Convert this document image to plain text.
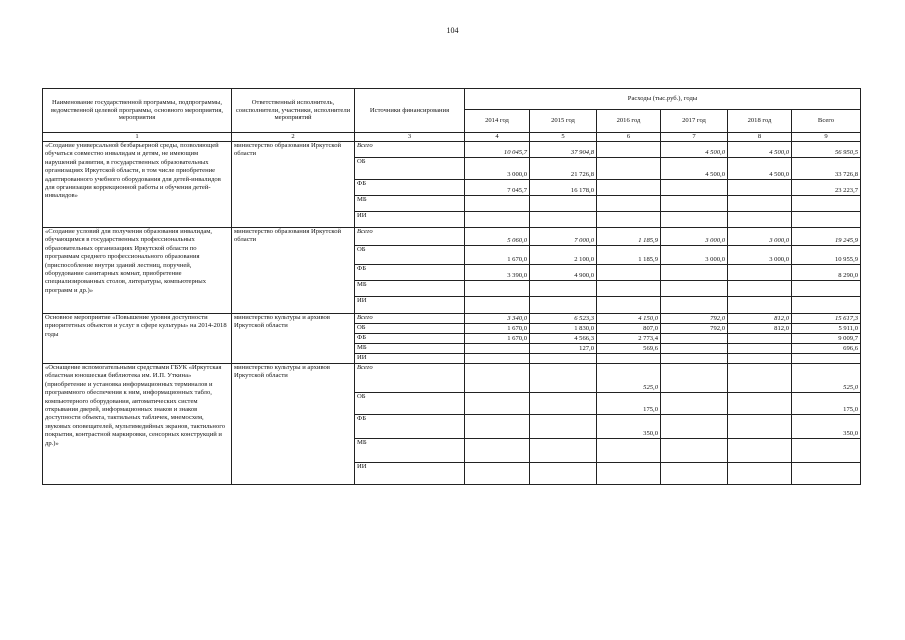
104
Наименование государственной программы, подпрограммы, ведомственной целевой программы, основного мероприятия, мероприятия	Ответственный исполнитель, соисполнители, участники, исполнители мероприятий	Источники финансирования	Расходы (тыс.руб.), годы					
			2014 год	2015 год	2016 год	2017 год	2018 год	Всего
1	2	3	4	5	6	7	8	9
«Создание универсальной безбарьерной среды, позволяющей обучаться совместно инвалидам и детям, не имеющим нарушений развития, в государственных образовательных организациях Иркутской области, в том числе приобретение адаптированного учебного оборудования для детей-инвалидов для организации коррекционной работы и обучения детей-инвалидов»	министерство образования Иркутской области	Всего	10 045,7	37 904,8		4 500,0	4 500,0	56 950,5
		ОБ	3 000,0	21 726,8		4 500,0	4 500,0	33 726,8
		ФБ	7 045,7	16 178,0				23 223,7
		МБ						
		ИИ						
«Создание условий для получения образования инвалидам, обучающимся в государственных профессиональных образовательных организациях Иркутской области по программам среднего профессионального образования (приспособление внутри зданий лестниц, поручней, оборудование санитарных комнат, приобретение специализированных столов, литературы, компьютерных программ и др.)»	министерство образования Иркутской области	Всего	5 060,0	7 000,0	1 185,9	3 000,0	3 000,0	19 245,9
		ОБ	1 670,0	2 100,0	1 185,9	3 000,0	3 000,0	10 955,9
		ФБ	3 390,0	4 900,0				8 290,0
		МБ						
		ИИ						
Основное мероприятие «Повышение уровня доступности приоритетных объектов и услуг в сфере культуры» на 2014-2018 годы	министерство культуры и архивов Иркутской области	Всего	3 340,0	6 523,3	4 150,0	792,0	812,0	15 617,3
		ОБ	1 670,0	1 830,0	807,0	792,0	812,0	5 911,0
		ФБ	1 670,0	4 566,3	2 773,4			9 009,7
		МБ		127,0	569,6			696,6
		ИИ						
«Оснащение вспомогательными средствами ГБУК «Иркутская областная юношеская библиотека им. И.П. Уткина» (приобретение и установка информационных терминалов и программного обеспечения к ним, информационных табло, компьютерного оборудования, автоматических систем открывания дверей, информационных знаков и знаков доступности объекта, тактильных табличек, мнемосхем, звуковых оповещателей, мультимедийных экранов, тактильного покрытия, контрастной маркировки, сенсорных конструкций и др.)»	министерство культуры и архивов Иркутской области	Всего			525,0			525,0
		ОБ			175,0			175,0
		ФБ			350,0			350,0
		МБ						
		ИИ						
